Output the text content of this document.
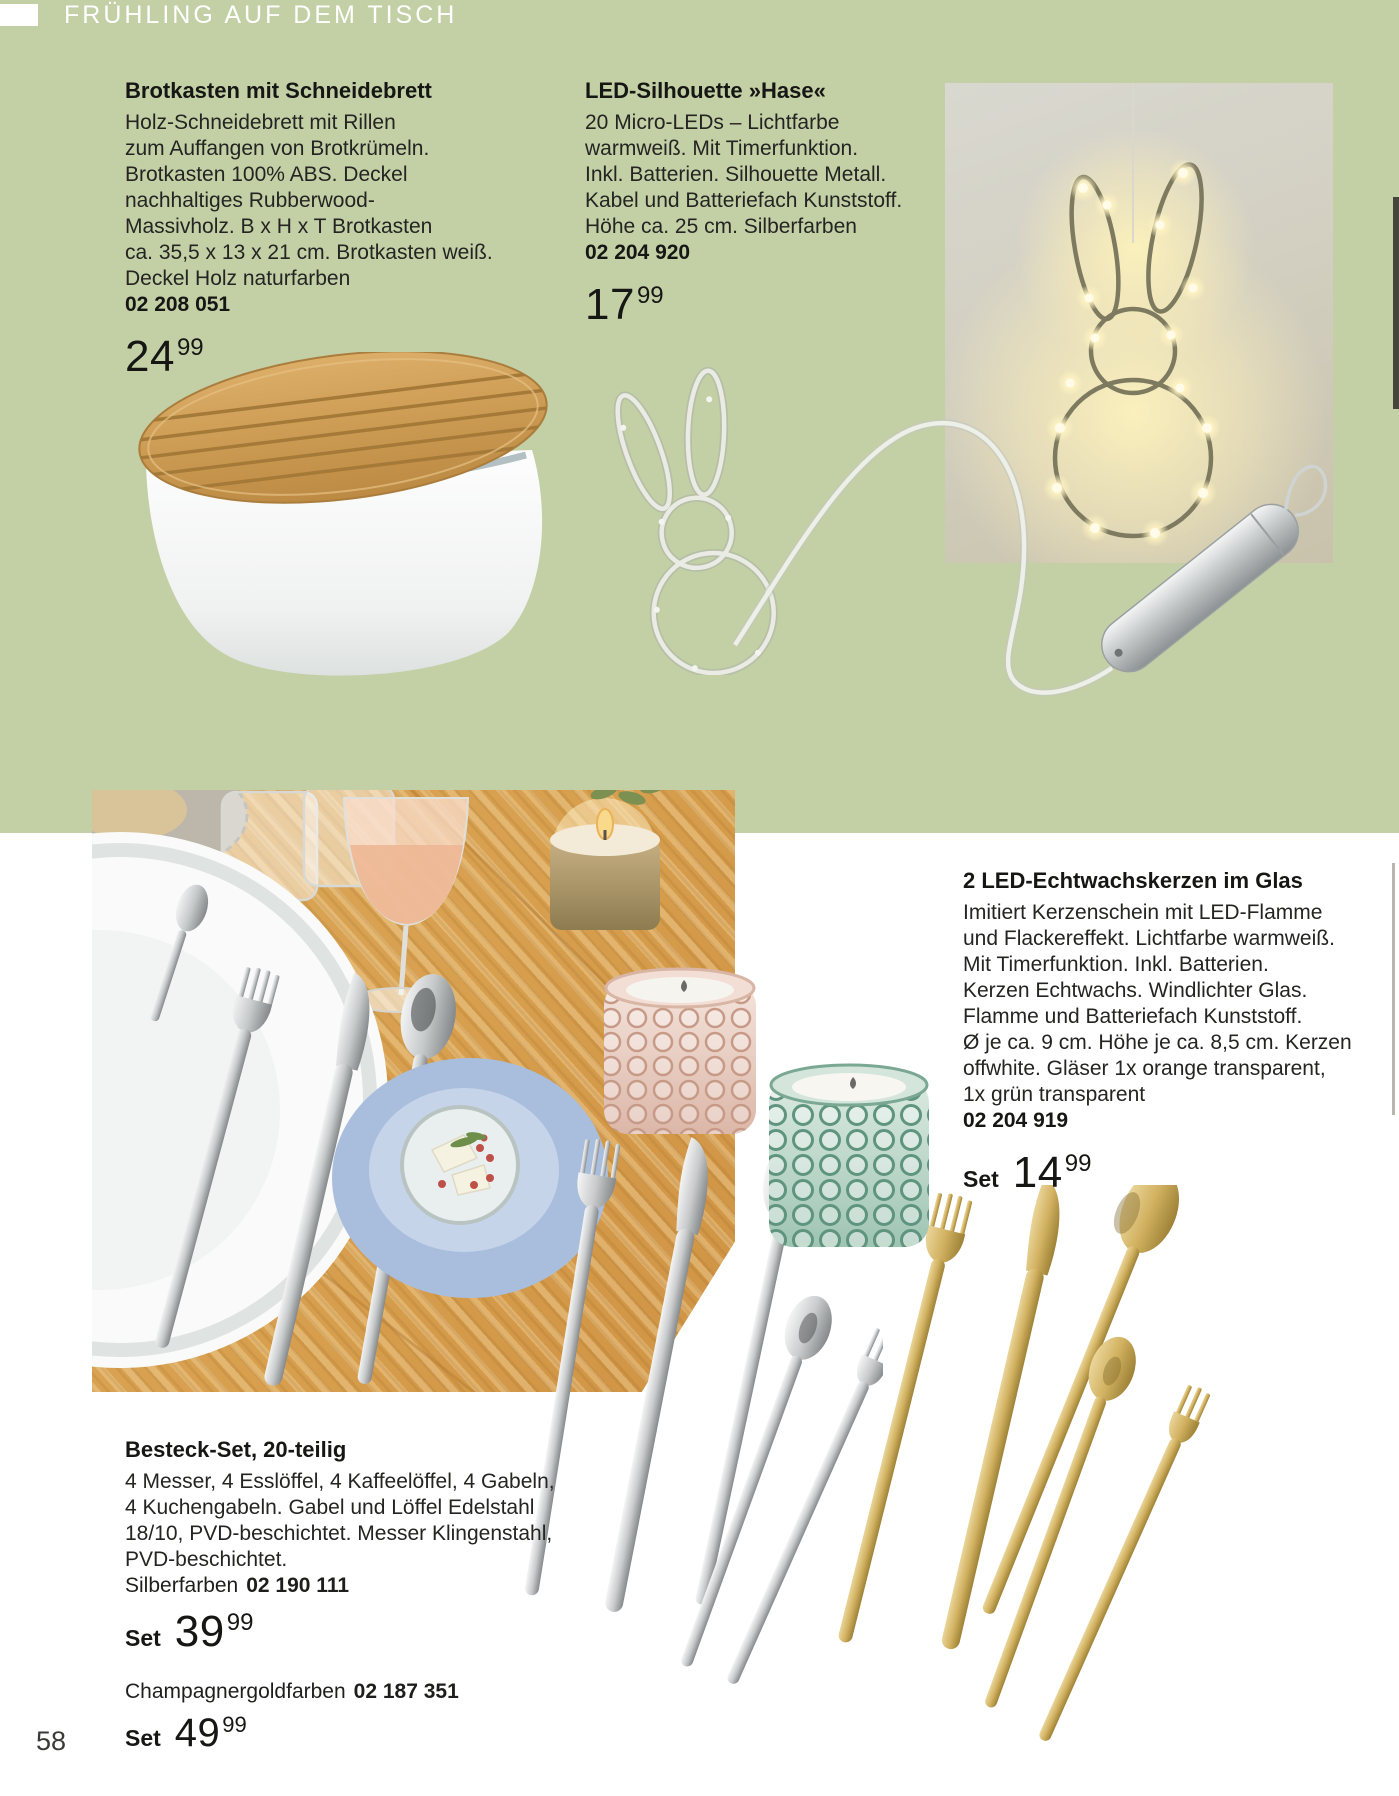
FRÜHLING AUF DEM TISCH
Brotkasten mit Schneidebrett
Holz-Schneidebrett mit Rillen
zum Auffangen von Brotkrümeln.
Brotkasten 100% ABS. Deckel
nachhaltiges Rubberwood-
Massivholz. B x H x T Brotkasten
ca. 35,5 x 13 x 21 cm. Brotkasten weiß.
Deckel Holz naturfarben
02 208 051
24 99
LED-Silhouette »Hase«
20 Micro-LEDs – Lichtfarbe
warmweiß. Mit Timerfunktion.
Inkl. Batterien. Silhouette Metall.
Kabel und Batteriefach Kunststoff.
Höhe ca. 25 cm. Silberfarben
02 204 920
17 99
2 LED-Echtwachskerzen im Glas
Imitiert Kerzenschein mit LED-Flamme
und Flackereffekt. Lichtfarbe warmweiß.
Mit Timerfunktion. Inkl. Batterien.
Kerzen Echtwachs. Windlichter Glas.
Flamme und Batteriefach Kunststoff.
Ø je ca. 9 cm. Höhe je ca. 8,5 cm. Kerzen
offwhite. Gläser 1x orange transparent,
1x grün transparent
02 204 919
Set 14 99
Besteck-Set, 20-teilig
4 Messer, 4 Esslöffel, 4 Kaffeelöffel, 4 Gabeln,
4 Kuchengabeln. Gabel und Löffel Edelstahl
18/10, PVD-beschichtet. Messer Klingenstahl,
PVD-beschichtet.
Silberfarben 02 190 111
Set 39 99
Champagnergoldfarben 02 187 351
Set 49 99
58
